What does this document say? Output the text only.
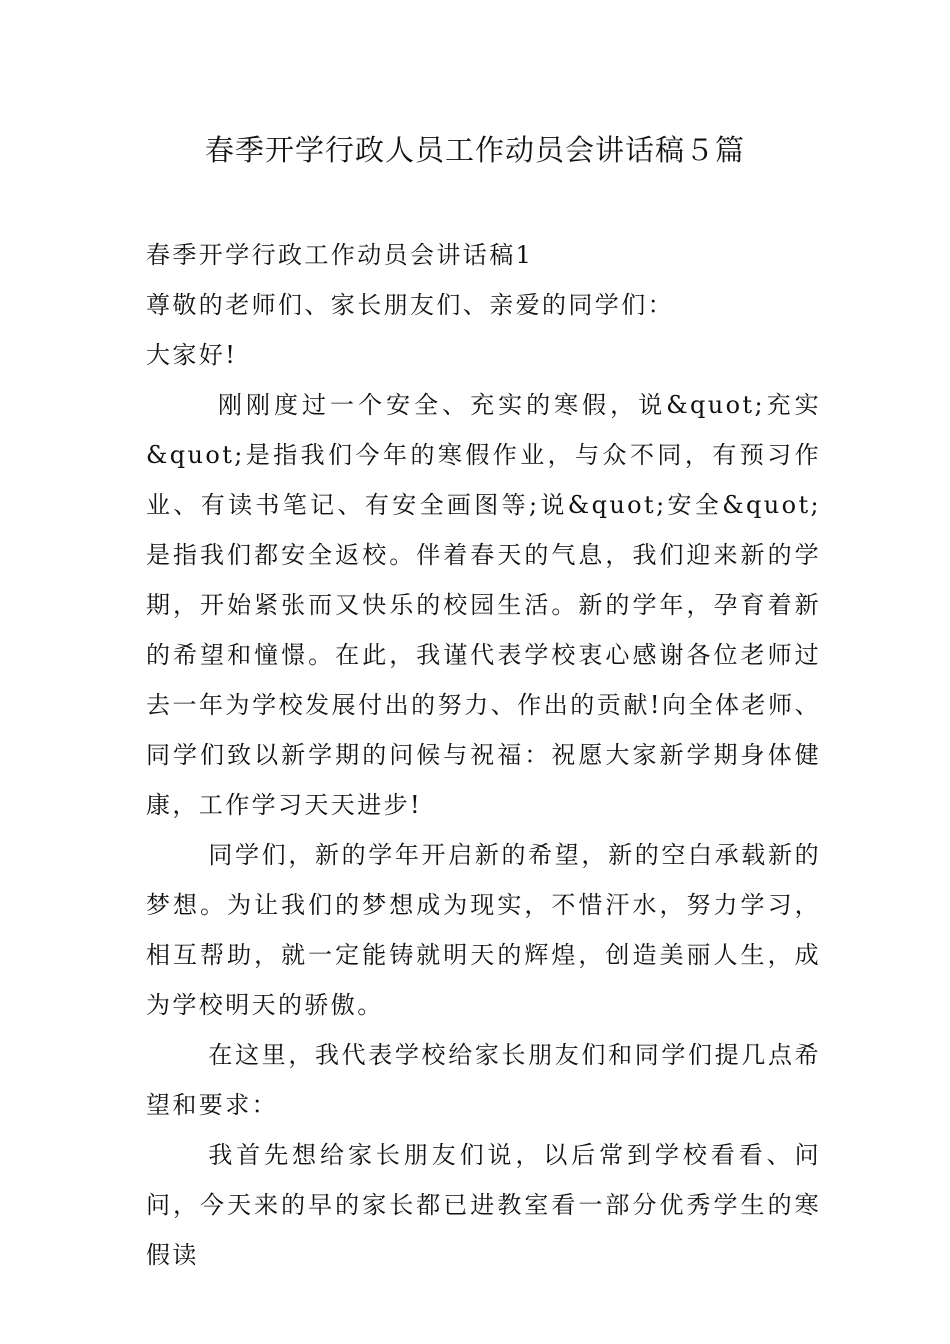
春季开学行政人员工作动员会讲话稿５篇

春季开学行政工作动员会讲话稿1

尊敬的老师们、家长朋友们、亲爱的同学们：

大家好!

刚刚度过一个安全、充实的寒假，说&quot;充实&quot;是指我们今年的寒假作业，与众不同，有预习作业、有读书笔记、有安全画图等;说&quot;安全&quot;是指我们都安全返校。伴着春天的气息，我们迎来新的学期，开始紧张而又快乐的校园生活。新的学年，孕育着新的希望和憧憬。在此，我谨代表学校衷心感谢各位老师过去一年为学校发展付出的努力、作出的贡献!向全体老师、同学们致以新学期的问候与祝福：祝愿大家新学期身体健康，工作学习天天进步!

同学们，新的学年开启新的希望，新的空白承载新的梦想。为让我们的梦想成为现实，不惜汗水，努力学习，相互帮助，就一定能铸就明天的辉煌，创造美丽人生，成为学校明天的骄傲。

在这里，我代表学校给家长朋友们和同学们提几点希望和要求：

我首先想给家长朋友们说，以后常到学校看看、问问，今天来的早的家长都已进教室看一部分优秀学生的寒假读
